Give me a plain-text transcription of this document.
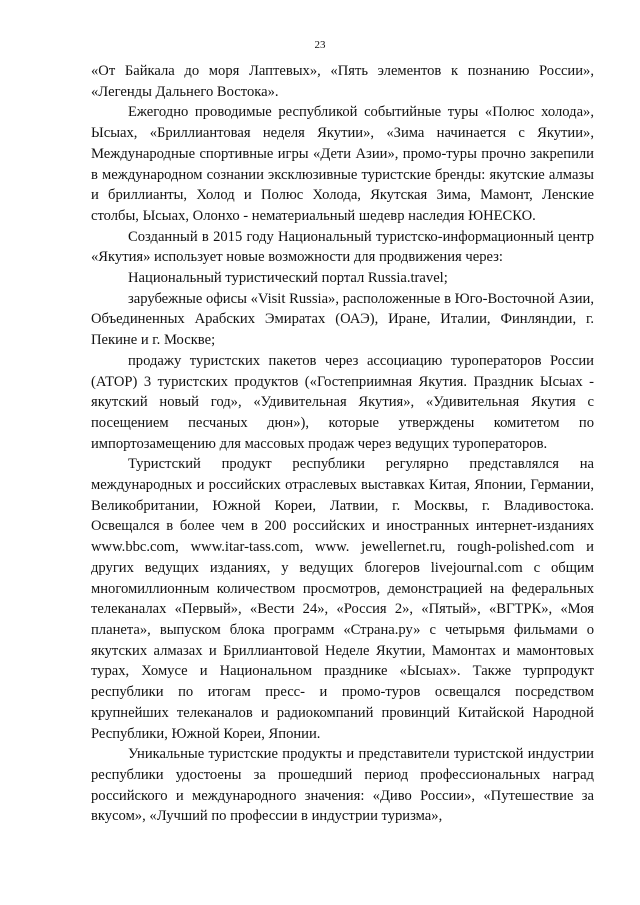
23

«От Байкала до моря Лаптевых», «Пять элементов к познанию России», «Легенды Дальнего Востока».

Ежегодно проводимые республикой событийные туры «Полюс холода», Ысыах, «Бриллиантовая неделя Якутии», «Зима начинается с Якутии», Международные спортивные игры «Дети Азии», промо-туры прочно закрепили в международном сознании эксклюзивные туристские бренды: якутские алмазы и бриллианты, Холод и Полюс Холода, Якутская Зима, Мамонт, Ленские столбы, Ысыах, Олонхо - нематериальный шедевр наследия ЮНЕСКО.

Созданный в 2015 году Национальный туристско-информационный центр «Якутия» использует новые возможности для продвижения через:

Национальный туристический портал Russia.travel;

зарубежные офисы «Visit Russia», расположенные в Юго-Восточной Азии, Объединенных Арабских Эмиратах (ОАЭ), Иране, Италии, Финляндии, г. Пекине и г. Москве;

продажу туристских пакетов через ассоциацию туроператоров России (АТОР) 3 туристских продуктов («Гостеприимная Якутия. Праздник Ысыах - якутский новый год», «Удивительная Якутия», «Удивительная Якутия с посещением песчаных дюн»), которые утверждены комитетом по импортозамещению для массовых продаж через ведущих туроператоров.

Туристский продукт республики регулярно представлялся на международных и российских отраслевых выставках Китая, Японии, Германии, Великобритании, Южной Кореи, Латвии, г. Москвы, г. Владивостока. Освещался в более чем в 200 российских и иностранных интернет-изданиях www.bbc.com, www.itar-tass.com, www. jewellernet.ru, rough-polished.com и других ведущих изданиях, у ведущих блогеров livejournal.com с общим многомиллионным количеством просмотров, демонстрацией на федеральных телеканалах «Первый», «Вести 24», «Россия 2», «Пятый», «ВГТРК», «Моя планета», выпуском блока программ «Страна.ру» с четырьмя фильмами о якутских алмазах и Бриллиантовой Неделе Якутии, Мамонтах и мамонтовых турах, Хомусе и Национальном празднике «Ысыах». Также турпродукт республики по итогам пресс- и промо-туров освещался посредством крупнейших телеканалов и радиокомпаний провинций Китайской Народной Республики, Южной Кореи, Японии.

Уникальные туристские продукты и представители туристской индустрии республики удостоены за прошедший период профессиональных наград российского и международного значения: «Диво России», «Путешествие за вкусом», «Лучший по профессии в индустрии туризма»,
